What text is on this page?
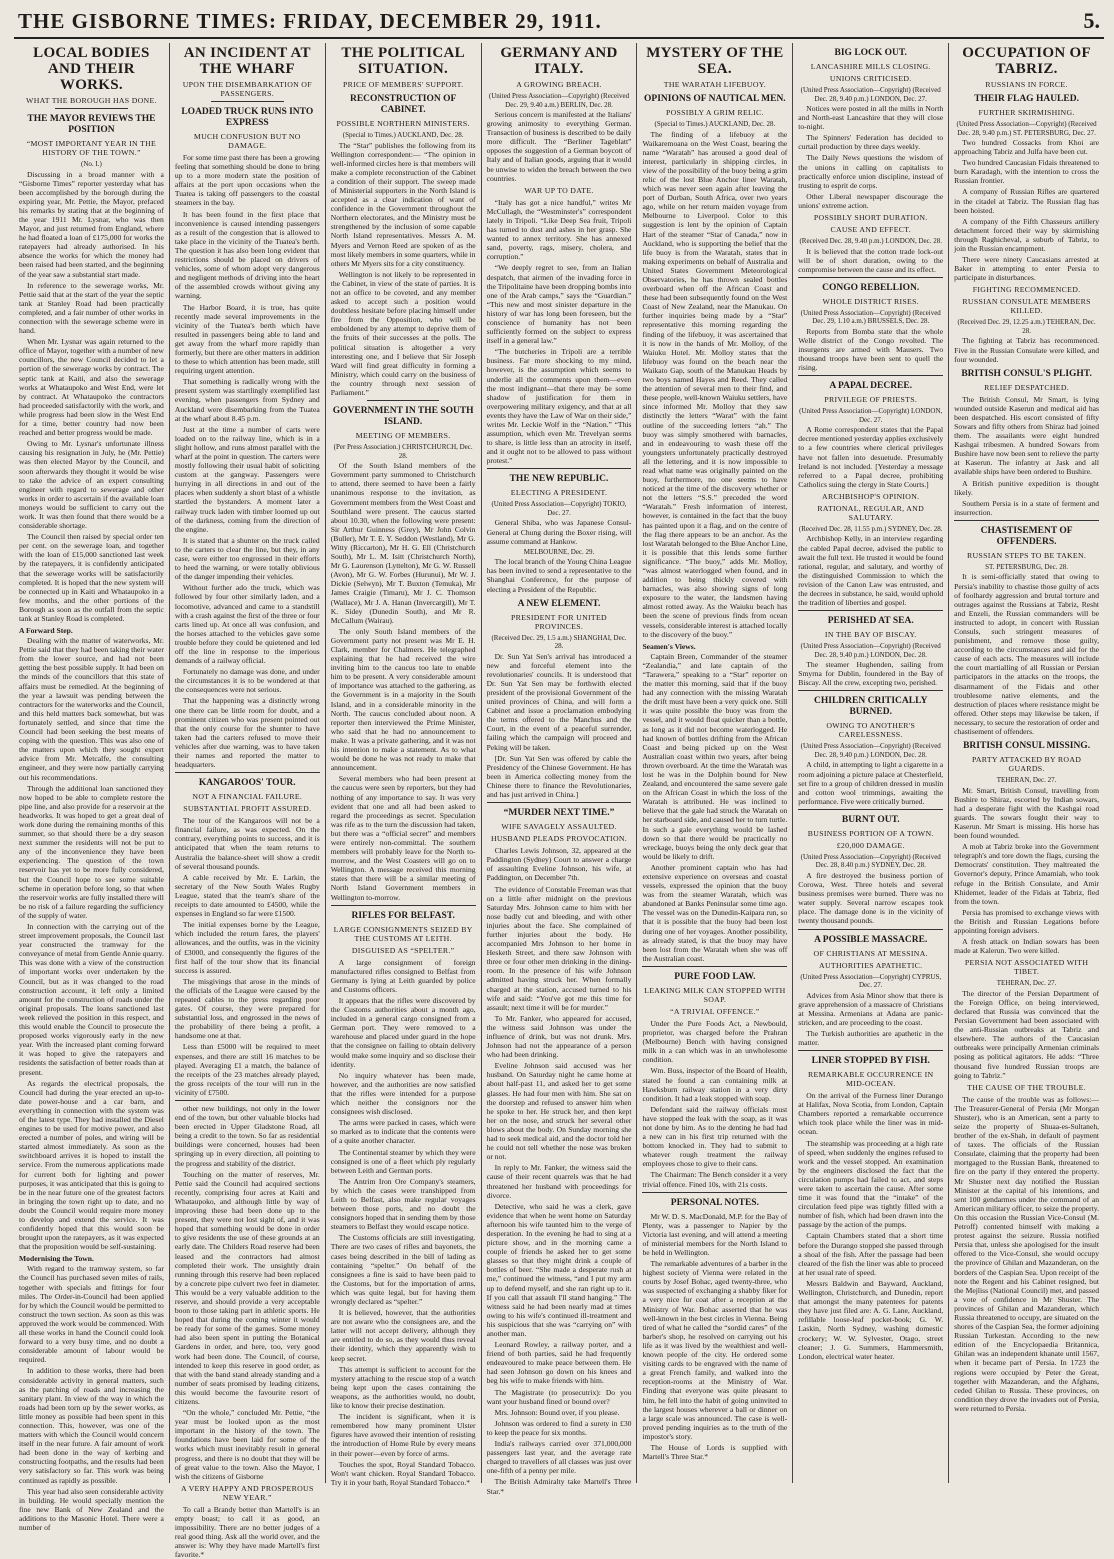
THE GISBORNE TIMES: FRIDAY, DECEMBER 29, 1911.	5.
LOCAL BODIES AND THEIR WORKS.
WHAT THE BOROUGH HAS DONE.
THE MAYOR REVIEWS THE POSITION
“MOST IMPORTANT YEAR IN THE HISTORY OF THE TOWN.”
(No. I.)

Discussing in a broad manner with a “Gisborne Times” reporter yesterday what has been accomplished by the borough during the expiring year, Mr. Pettie, the Mayor, prefaced his remarks by stating that at the beginning of the year 1911 Mr. Lysnar, who was then Mayor, and just returned from England, where he had floated a loan of £175,000 for works the ratepayers had already authorised. In his absence the works for which the money had been raised had been started, and the beginning of the year saw a substantial start made.

In reference to the sewerage works, Mr. Pettie said that at the start of the year the septic tank at Stanley Road had been practically completed, and a fair number of other works in connection with the sewerage scheme were in hand.

When Mr. Lysnar was again returned to the office of Mayor, together with a number of new councillors, the new Council decided to let a portion of the sewerage works by contract. The septic tank at Kaiti, and also the sewerage works at Whataupoko and West End, were let by contract. At Whataupoko the contractors had proceeded satisfactorily with the work, and while progress had been slow in the West End for a time, better country had now been reached and better progress would be made.

Owing to Mr. Lysnar's unfortunate illness causing his resignation in July, he (Mr. Pettie) was then elected Mayor by the Council, and soon afterwards they thought it would be wise to take the advice of an expert consulting engineer with regard to sewerage and other works in order to ascertain if the available loan moneys would be sufficient to carry out the work. It was then found that there would be a considerable shortage.

The Council then raised by special order ten per cent. on the sewerage loan, and together with the loan of £15,000 sanctioned last week by the ratepayers, it is confidently anticipated that the sewerage works will be satisfactorily completed. It is hoped that the new system will be connected up in Kaiti and Whataupoko in a few months, and the other portions of the Borough as soon as the outfall from the septic tank at Stanley Road is completed.

A Forward Step.

Dealing with the matter of waterworks, Mr. Pettie said that they had been taking their water from the lower source, and had not been getting the best possible supply. It had been on the minds of the councillors that this state of affairs must be remedied. At the beginning of the year a lawsuit was pending between the contractors for the waterworks and the Council, and this held matters back somewhat, but was fortunately settled, and since that time the Council had been seeking the best means of coping with the question. This was also one of the matters upon which they sought expert advice from Mr. Metcalfe, the consulting engineer, and they were now partially carrying out his recommendations.

Through the additional loan sanctioned they now hoped to be able to complete restore the pipe line, and also provide for a reservoir at the headworks. It was hoped to get a great deal of work done during the remaining months of this summer, so that should there be a dry season next summer the residents will not be put to any of the inconvenience they have been experiencing. The question of the town reservoir has yet to be more fully considered, but the Council hope to see some suitable scheme in operation before long, so that when the reservoir works are fully installed there will be no risk of a failure regarding the sufficiency of the supply of water.

In connection with the carrying out of the street improvement proposals, the Council last year constructed the tramway for the conveyance of metal from Gentle Annie quarry. This was done with a view of the construction of important works over undertaken by the Council, but as it was changed to the road construction account, it left only a limited amount for the construction of roads under the original proposals. The loans sanctioned last week relieved the position in this respect, and this would enable the Council to prosecute the proposed works vigorously early in the new year. With the increased plant coming forward it was hoped to give the ratepayers and residents the satisfaction of better roads than at present.

As regards the electrical proposals, the Council had during the year erected an up-to-date power-house and a car barn, and everything in connection with the system was of the latest type. They had installed the Diesel engines to be used for motive power, and also erected a number of poles, and wiring will be started almost immediately. As soon as the switchboard arrives it is hoped to install the service. From the numerous applications made for current both for lighting and power purposes, it was anticipated that this is going to be in the near future one of the greatest factors in bringing the town right up to date, and no doubt the Council would require more money to develop and extend the service. It was confidently hoped that this would soon be brought upon the ratepayers, as it was expected that the proposition would be self-sustaining.

Modernising the Town.

With regard to the tramway system, so far the Council has purchased seven miles of rails, together with specials and fittings for four miles. The Order-in-Council had been applied for by which the Council would be permitted to construct the town section. As soon as this was approved the work would be commenced. With all these works in hand the Council could look forward to a very busy time, and no doubt a considerable amount of labour would be required.

In addition to these works, there had been considerable activity in general matters, such as the patching of roads and increasing the sanitary plant. In view of the way in which the roads had been torn up by the sewer works, as little money as possible had been spent in this connection. This, however, was one of the matters with which the Council would concern itself in the near future. A fair amount of work had been done in the way of kerbing and constructing footpaths, and the results had been very satisfactory so far. This work was being continued as rapidly as possible.

This year had also seen considerable activity in building. He would specially mention the fine new Bank of New Zealand and the additions to the Masonic Hotel. There were a number of

AN INCIDENT AT THE WHARF
UPON THE DISEMBARKATION OF PASSENGERS.
LOADED TRUCK RUNS INTO EXPRESS
MUCH CONFUSION BUT NO DAMAGE.

For some time past there has been a growing feeling that something should be done to bring up to a more modern state the position of affairs at the port upon occasions when the Tuatea is taking off passengers to the coastal steamers in the bay.

It has been found in the first place that inconvenience is caused intending passengers as a result of the congestion that is allowed to take place in the vicinity of the Tuatea's berth. The question it has also been long evident that restrictions should be placed on drivers of vehicles, some of whom adopt very dangerous and negligent methods of driving into the heart of the assembled crowds without giving any warning.

The Harbor Board, it is true, has quite recently made several improvements in the vicinity of the Tuatea's berth which have resulted in passengers being able to land and get away from the wharf more rapidly than formerly, but there are other matters in addition to these to which attention has been made, still requiring urgent attention.

That something is radically wrong with the present system was startlingly exemplified last evening, when passengers from Sydney and Auckland were disembarking from the Tuatea at the wharf about 8.45 p.m.

Just at the time a number of carts were loaded on to the railway line, which is in a slight hollow, and runs almost parallel with the wharf at the point in question. The carters were mostly following their usual habit of soliciting custom at the gangway. Passengers were hurrying in all directions in and out of the places when suddenly a short blast of a whistle startled the bystanders. A moment later a railway truck laden with timber loomed up out of the darkness, coming from the direction of the engine.

It is stated that a shunter on the truck called to the carters to clear the line, but they, in any case, were either too engrossed in their efforts to heed the warning, or were totally oblivious of the danger impending their vehicles.

Without further ado the truck, which was followed by four other similarly laden, and a locomotive, advanced and came to a standstill with a crash against the first of the three or four carts lined up. At once all was confusion, and the horses attached to the vehicles gave some trouble before they could be quietened and led off the line in response to the imperious demands of a railway official.

Fortunately no damage was done, and under the circumstances it is to be wondered at that the consequences were not serious.

That the happening was a distinctly wrong one there can be little room for doubt, and a prominent citizen who was present pointed out that the only course for the shunter to have taken had the carters refused to move their vehicles after due warning, was to have taken their names and reported the matter to headquarters.

KANGAROOS' TOUR.
NOT A FINANCIAL FAILURE.
SUBSTANTIAL PROFIT ASSURED.

The tour of the Kangaroos will not be a financial failure, as was expected. On the contrary, everything points to success, and it is anticipated that when the team returns to Australia the balance-sheet will show a credit of several thousand pounds.

A cable received by Mr. E. Larkin, the secretary of the New South Wales Rugby League, stated that the team's share of the receipts to date amounted to £4500, while the expenses in England so far were £1500.

The initial expenses borne by the League, which included the return fares, the players' allowances, and the outfits, was in the vicinity of £3000, and consequently the figures of the first half of the tour show that its financial success is assured.

The misgivings that arose in the minds of the officials of the League were caused by the repeated cables to the press regarding poor gates. Of course, they were prepared for substantial loss, and engrossed in the news of the probability of there being a profit, a handsome one at that.

Less than £5000 will be required to meet expenses, and there are still 16 matches to be played. Averaging £1 a match, the balance of the receipts of the 23 matches already played, the gross receipts of the tour will run in the vicinity of £7500.

other new buildings, not only in the lower end of the town, but other valuable blocks had been erected in Upper Gladstone Road, all being a credit to the town. So far as residential buildings were concerned, houses had been springing up in every direction, all pointing to the progress and stability of the district.

Touching on the matter of reserves, Mr. Pettie said the Council had acquired sections recently, comprising four acres at Kaiti and Whataupoko, and although little by way of improving these had been done up to the present, they were not lost sight of, and it was hoped that something would be done in order to give residents the use of these grounds at an early date. The Childers Road reserve had been leased and the contractors had almost completed their work. The unsightly drain running through this reserve had been replaced by a concrete pipe culvert two feet in diameter. This would be a very valuable addition to the reserve, and should provide a very acceptable boon to those taking part in athletic sports. He hoped that during the coming winter it would be ready for some of the games. Some money had also been spent in putting the Botanical Gardens in order, and here, too, very good work had been done. The Council, of course, intended to keep this reserve in good order, as that with the band stand already standing and a number of seats promised by leading citizens, this would become the favourite resort of citizens.

“On the whole,” concluded Mr. Pettie, “the year must be looked upon as the most important in the history of the town. The foundations have been laid for some of the works which must inevitably result in general progress, and there is no doubt that they will be of great value to the town. Also the Mayor, I wish the citizens of Gisborne

A VERY HAPPY AND PROSPEROUS NEW YEAR.”

To call a Brandy better than Martell's is an empty boast; to call it as good, an impossibility. There are no better judges of a real good thing. Ask all the world over, and the answer is: Why they have made Martell's first favorite.*

THE POLITICAL SITUATION.
PRICE OF MEMBERS' SUPPORT.
RECONSTRUCTION OF CABINET.
POSSIBLE NORTHERN MINISTERS.
(Special to Times.) AUCKLAND, Dec. 28.

The “Star” publishes the following from its Wellington correspondent:— “The opinion in well-informed circles here is that members will make a complete reconstruction of the Cabinet a condition of their support. The sweep made of Ministerial supporters in the North Island is accepted as a clear indication of want of confidence in the Government throughout the Northern electorates, and the Ministry must be strengthened by the inclusion of some capable North Island representatives. Messrs A. M. Myers and Vernon Reed are spoken of as the most likely members in some quarters, while in others Mr Myers sits for a city constituency.

Wellington is not likely to be represented in the Cabinet, in view of the state of parties. It is not an office to be coveted, and any member asked to accept such a position would doubtless hesitate before placing himself under fire from the Opposition, who will be emboldened by any attempt to deprive them of the fruits of their successes at the polls. The political situation is altogether a very interesting one, and I believe that Sir Joseph Ward will find great difficulty in forming a Ministry, which could carry on the business of the country through next session of Parliament.”

GOVERNMENT IN THE SOUTH ISLAND.
MEETING OF MEMBERS.
(Per Press Association.) CHRISTCHURCH, Dec. 28.

Of the South Island members of the Government party summoned to Christchurch to attend, there seemed to have been a fairly unanimous response to the invitation, as Government members from the West Coast and Southland were present. The caucus started about 10.30, when the following were present: Sir Arthur Guinness (Grey), Mr John Colvin (Buller), Mr T. E. Y. Seddon (Westland), Mr G. Witty (Riccarton), Mr H. G. Ell (Christchurch South), Mr L. M. Isitt (Christchurch North), Mr G. Laurenson (Lyttelton), Mr G. W. Russell (Avon), Mr G. W. Forbes (Hurunui), Mr W. J. Dickie (Selwyn), Mr T. Buxton (Temuka), Mr James Craigie (Timaru), Mr J. C. Thomson (Wallace), Mr J. A. Hanan (Invercargill), Mr T. K. Sidey (Dunedin South), and Mr R. McCallum (Wairau).

The only South Island members of the Government party not present was Mr E. H. Clark, member for Chalmers. He telegraphed explaining that he had received the wire inviting him to the caucus too late to enable him to be present. A very considerable amount of importance was attached to the gathering, as the Government is in a majority in the South Island, and in a considerable minority in the North. The caucus concluded about noon. A reporter then interviewed the Prime Minister, who said that he had no announcement to make. It was a private gathering, and it was not his intention to make a statement. As to what would be done he was not ready to make that announcement.

Several members who had been present at the caucus were seen by reporters, but they had nothing of any importance to say. It was very evident that one and all had been asked to regard the proceedings as secret. Speculation was rife as to the turn the discussion had taken, but there was a “official secret” and members were entirely non-committal. The southern members will probably leave for the North to-morrow, and the West Coasters will go on to Wellington. A message received this morning states that there will be a similar meeting of North Island Government members in Wellington to-morrow.

RIFLES FOR BELFAST.
LARGE CONSIGNMENTS SEIZED BY THE CUSTOMS AT LEITH.
DISGUISED AS “SPELTER.”

A large consignment of foreign manufactured rifles consigned to Belfast from Germany is lying at Leith guarded by police and Customs officers.

It appears that the rifles were discovered by the Customs authorities about a month ago, included in a general cargo consigned from a German port. They were removed to a warehouse and placed under guard in the hope that the consignee on failing to obtain delivery would make some inquiry and so disclose their identity.

No inquiry whatever has been made, however, and the authorities are now satisfied that the rifles were intended for a purpose which neither the consignors nor the consignees wish disclosed.

The arms were packed in cases, which were so marked as to indicate that the contents were of a quite another character.

The Continental steamer by which they were consigned is one of a fleet which ply regularly between Leith and German ports.

The Antrim Iron Ore Company's steamers, by which the cases were transhipped from Leith to Belfast, also make regular voyages between those ports, and no doubt the consignors hoped that in sending them by those steamers to Belfast they would escape notice.

The Customs officials are still investigating. There are two cases of rifles and bayonets, the cases being described in the bill of lading as containing “spelter.” On behalf of the consignees a fine is said to have been paid to the Customs, but for the importation of arms, which was quite legal, but for having them wrongly declared as “spelter.”

It is believed, however, that the authorities are not aware who the consignees are, and the latter will not accept delivery, although they are entitled to do so, as they would thus reveal their identity, which they apparently wish to keep secret.

This attempt is sufficient to account for the mystery attaching to the rescue stop of a watch being kept upon the cases containing the weapons, as the authorities would, no doubt, like to know their precise destination.

The incident is significant, when it is remembered how many prominent Ulster figures have avowed their intention of resisting the introduction of Home Rule by every means in their power—even by force of arms.

Touches the spot, Royal Standard Tobacco. Won't want chicken. Royal Standard Tobacco. Try it in your bath, Royal Standard Tobacco.*

GERMANY AND ITALY.
A GROWING BREACH.
(United Press Association—Copyright) (Received Dec. 29, 9.40 a.m.) BERLIN, Dec. 28.

Serious concern is manifested at the Italians' growing animosity to everything German. Transaction of business is described to be daily more difficult. The “Berliner Tageblatt” opposes the suggestion of a German boycott of Italy and of Italian goods, arguing that it would be unwise to widen the breach between the two countries.

WAR UP TO DATE.

“Italy has got a nice handful,” writes Mr McCullagh, the “Westminster's” correspondent lately in Tripoli. “Like Deep Sea fruit, Tripoli has turned to dust and ashes in her grasp. She wanted to annex territory. She has annexed sand, poverty, rags, misery, cholera, and corruption.”

“We deeply regret to see, from an Italian despatch, that airmen of the invading force in the Tripolitaine have been dropping bombs into one of the Arab camps,” says the “Guardian.” “This new and most sinister departure in the history of war has long been foreseen, but the conscience of humanity has not been sufficiently formed on the subject to express itself in a general law.”

“The butcheries in Tripoli are a terrible business. Far more shocking to my mind, however, is the assumption which seems to underlie all the comments upon them—even the most indignant—that there may be some shadow of justification for them in overpowering military exigency, and that at all events they have the Law of War on their side,” writes Mr. Leckie Wolf in the “Nation.” “This assumption, which even Mr. Trevelyan seems to share, is little less than an atrocity in itself, and it ought not to be allowed to pass without protest.”

THE NEW REPUBLIC.
ELECTING A PRESIDENT.
(United Press Association—Copyright) TOKIO, Dec. 27.

General Shiba, who was Japanese Consul-General at Chung during the Boxer rising, will assume command at Hankow.

MELBOURNE, Dec. 29.

The local branch of the Young China League has been invited to send a representative to the Shanghai Conference, for the purpose of electing a President of the Republic.

A NEW ELEMENT.
PRESIDENT FOR UNITED PROVINCES.
(Received Dec. 29, 1.5 a.m.) SHANGHAI, Dec. 28.

Dr. Sun Yat Sen's arrival has introduced a new and forceful element into the revolutionaries' councils. It is understood that Dr. Sun Yat Sen may be forthwith elected president of the provisional Government of the united provinces of China, and will form a Cabinet and issue a proclamation embodying the terms offered to the Manchus and the Court, in the event of a peaceful surrender, failing which the campaign will proceed and Peking will be taken.

[Dr. Sun Yat Sen was offered by cable the Presidency of the Chinese Government. He has been in America collecting money from the Chinese there to finance the Revolutionaries, and has just arrived in China.]

“MURDER NEXT TIME.”
WIFE SAVAGELY ASSAULTED.
HUSBAND PLEADS PROVOCATION.

Charles Lewis Johnson, 32, appeared at the Paddington (Sydney) Court to answer a charge of assaulting Eveline Johnson, his wife, at Paddington, on December 7th.

The evidence of Constable Freeman was that on a little after midnight on the previous Saturday Mrs. Johnson came to him with her nose badly cut and bleeding, and with other injuries about the face. She complained of further injuries about the body. He accompanied Mrs Johnson to her home in Hesketh Street, and there saw Johnson with three or four other men drinking in the dining-room. In the presence of his wife Johnson admitted having struck her. When formally charged at the station, accused turned to his wife and said: “You've got me this time for assault; next time it will be for murder.”

To Mr. Fanker, who appeared for accused, the witness said Johnson was under the influence of drink, but was not drunk. Mrs. Johnson had not the appearance of a person who had been drinking.

Eveline Johnson said accused was her husband. On Saturday night he came home at about half-past 11, and asked her to get some glasses. He had four men with him. She sat on the doorstep and refused to answer him when he spoke to her. He struck her, and then kept her on the nose, and struck her several other blows about the body. On Sunday morning she had to seek medical aid, and the doctor told her he could not tell whether the nose was broken or not.

In reply to Mr. Fanker, the witness said the cause of their recent quarrels was that he had threatened her husband with proceedings for divorce.

Detective, who said he was a clerk, gave evidence that when he went home on Saturday afternoon his wife taunted him to the verge of desperation. In the evening he had to sing at a picture show, and in the morning came a couple of friends he asked her to get some glasses so that they might drink a couple of bottles of beer. “She made a desperate rush at me,” continued the witness, “and I put my arm up to defend myself, and she ran right up to it. If you call that assault I'll stand hanging.” The witness said he had been nearly mad at times owing to his wife's continued ill-treatment and his suspicious that she was “carrying on” with another man.

Leonard Rowley, a railway porter, and a friend of both parties, said he had frequently endeavoured to make peace between them. He had seen Johnson go down on his knees and beg his wife to make friends with him.

The Magistrate (to prosecutrix): Do you want your husband fined or bound over?

Mrs. Johnson: Bound over, if you please.

Johnson was ordered to find a surety in £30 to keep the peace for six months.

India's railways carried over 371,000,000 passengers last year, and the average rate charged to travellers of all classes was just over one-fifth of a penny per mile.

The British Admiralty take Martell's Three Star.*

MYSTERY OF THE SEA.
THE WARATAH LIFEBUOY.
OPINIONS OF NAUTICAL MEN.
POSSIBLY A GRIM RELIC.
(Special to Times.) AUCKLAND, Dec. 28.

The finding of a lifebuoy at the Waikaremoana on the West Coast, bearing the name “Waratah” has aroused a good deal of interest, particularly in shipping circles, in view of the possibility of the buoy being a grim relic of the lost Blue Anchor liner Waratah, which was never seen again after leaving the port of Durban, South Africa, over two years ago, while on her return maiden voyage from Melbourne to Liverpool. Color to this suggestion is lent by the opinion of Captain Hart of the steamer “Star of Canada,” now in Auckland, who is supporting the belief that the life buoy is from the Waratah, states that in making experiments on behalf of Australia and United States Government Meteorological Observatories, he has thrown sealed bottles overboard when off the African Coast and these had been subsequently found on the West Coast of New Zealand, near the Manukau. On further inquiries being made by a “Star” representative this morning regarding the finding of the lifebuoy, it was ascertained that it is now in the hands of Mr. Molloy, of the Waiuku Hotel. Mr. Molloy states that the lifebuoy was found on the beach near the Waikato Gap, south of the Manukau Heads by two boys named Hayes and Reed. They called the attention of several men to their find, and these people, well-known Waiuku settlers, have since informed Mr. Molloy that they saw distinctly the letters “Warat” with the faint outline of the succeeding letters “ah.” The buoy was simply smothered with barnacles, and in endeavouring to wash these off the youngsters unfortunately practically destroyed all the lettering, and it is now impossible to read what name was originally painted on the buoy, furthermore, no one seems to have noticed at the time of the discovery whether or not the letters “S.S.” preceded the word “Waratah.” Fresh information of interest, however, is contained in the fact that the buoy has painted upon it a flag, and on the centre of the flag there appears to be an anchor. As the lost Waratah belonged to the Blue Anchor Line, it is possible that this lends some further significance. “The buoy,” adds Mr. Molloy, “was almost waterlogged when found, and in addition to being thickly covered with barnacles, was also showing signs of long exposure to the water, the landsmen having almost rotted away. As the Waiuku beach has been the scene of previous finds from ocean vessels, considerable interest is attached locally to the discovery of the buoy.”

Seamen's Views.

Captain Breen, Commander of the steamer “Zealandia,” and late captain of the “Tarawera,” speaking to a “Star” reporter on the matter this morning, said that if the buoy had any connection with the missing Waratah the drift must have been a very quick one. Still it was quite possible the buoy was from the vessel, and it would float quicker than a bottle, as long as it did not become waterlogged. He had known of bottles drifting from the African Coast and being picked up on the West Australian coast within two years, after being thrown overboard. At the time the Waratah was lost he was in the Dolphin bound for New Zealand, and encountered the same severe gale on the African Coast in which the loss of the Waratah is attributed. He was inclined to believe that the gale had struck the Waratah on her starboard side, and caused her to turn turtle. In such a gale everything would be lashed down so that there would be practically no wreckage, buoys being the only deck gear that would be likely to drift.

Another prominent captain who has had extensive experience on overseas and coastal vessels, expressed the opinion that the buoy was from the steamer Waratah, which was abandoned at Banks Peninsular some time ago. The vessel was on the Dunedin-Kaipara run, so that it is possible that the buoy had been lost during one of her voyages. Another possibility, as already stated, is that the buoy may have been lost from the Waratah when she was off the Australian coast.

PURE FOOD LAW.
LEAKING MILK CAN STOPPED WITH SOAP.
“A TRIVIAL OFFENCE.”

Under the Pure Foods Act, a Newbould, proprietor, was charged before the Prahran (Melbourne) Bench with having consigned milk in a can which was in an unwholesome condition.

Wm. Buss, inspector of the Board of Health, stated he found a can containing milk at Hawksburn railway station in a very dirty condition. It had a leak stopped with soap.

Defendant said the railway officials must have stopped the leak with the soap, as it was not done by him. As to the denting he had had a new can in his first trip returned with the bottom knocked in. They had to submit to whatever rough treatment the railway employees chose to give to their cans.

The Chairman: The Bench consider it a very trivial offence. Fined 10s, with 21s costs.

PERSONAL NOTES.

Mr W. D. S. MacDonald, M.P. for the Bay of Plenty, was a passenger to Napier by the Victoria last evening, and will attend a meeting of ministerial members for the North Island to be held in Wellington.

The remarkable adventures of a barber in the highest society of Vienna were related in the courts by Josef Bohac, aged twenty-three, who was suspected of exchanging a shabby fiker for a very nice fur coat after a reception at the Ministry of War. Bohac asserted that he was well-known in the best circles in Vienna. Being tired of what he called the “sordid cares” of the barber's shop, he resolved on carrying out his life as it was lived by the wealthiest and well-known people of the city. He ordered some visiting cards to be engraved with the name of a great French family, and walked into the reception-rooms at the Ministry of War. Finding that everyone was quite pleasant to him, he fell into the habit of going uninvited to the largest houses wherever a ball or dinner on a large scale was announced. The case is well-proved pending inquiries as to the truth of the impostor's story.

The House of Lords is supplied with Martell's Three Star.*

BIG LOCK OUT.
LANCASHIRE MILLS CLOSING.
UNIONS CRITICISED.
(United Press Association—Copyright) (Received Dec. 28, 9.40 p.m.) LONDON, Dec. 27.

Notices were posted in all the mills in North and North-east Lancashire that they will close to-night.

The Spinners' Federation has decided to curtail production by three days weekly.

The Daily News questions the wisdom of the unions in calling on capitalists to practically enforce union discipline, instead of trusting to esprit de corps.

Other Liberal newspaper discourage the unions' extreme action.

POSSIBLY SHORT DURATION.
CAUSE AND EFFECT.
(Received Dec. 28, 9.40 p.m.) LONDON, Dec. 28.

It is believed that the cotton trade lock-out will be of short duration, owing to the compromise between the cause and its effect.

CONGO REBELLION.
WHOLE DISTRICT RISES.
(United Press Association—Copyright) (Received Dec. 29, 1.10 a.m.) BRUSSELS, Dec. 28.

Reports from Bomba state that the whole Welle district of the Congo revolted. The insurgents are armed with Mausers. Two thousand troops have been sent to quell the rising.

A PAPAL DECREE.
PRIVILEGE OF PRIESTS.
(United Press Association—Copyright) LONDON, Dec. 27.

A Rome correspondent states that the Papal decree mentioned yesterday applies exclusively to a few countries where clerical privileges have not fallen into desuetude. Presumably Ireland is not included. [Yesterday a message referred to a Papal decree, prohibiting Catholics suing the clergy in State Courts.]

ARCHBISHOP'S OPINION.
RATIONAL, REGULAR, AND SALUTARY.
(Received Dec. 28, 11.55 p.m.) SYDNEY, Dec. 28.

Archbishop Kelly, in an interview regarding the cabled Papal decree, advised the public to await the full text. He trusted it would be found rational, regular, and salutary, and worthy of the distinguished Commission to which the revision of the Canon Law was entrusted, and the decrees in substance, he said, would uphold the tradition of liberties and gospel.

PERISHED AT SEA.
IN THE BAY OF BISCAY.
(United Press Association—Copyright) (Received Dec. 28, 9.40 p.m.) LONDON, Dec. 28.

The steamer Hughenden, sailing from Smyrna for Dublin, foundered in the Bay of Biscay. All the crew, excepting two, perished.

CHILDREN CRITICALLY BURNED.
OWING TO ANOTHER'S CARELESSNESS.
(United Press Association—Copyright) (Received Dec. 28, 9.40 p.m.) LONDON, Dec. 28.

A child, in attempting to light a cigarette in a room adjoining a picture palace at Chesterfield, set fire to a group of children dressed in muslin and cotton wool trimmings, awaiting the performance. Five were critically burned.

BURNT OUT.
BUSINESS PORTION OF A TOWN.
£20,000 DAMAGE.
(United Press Association—Copyright) (Received Dec. 28, 8.40 p.m.) SYDNEY, Dec. 28.

A fire destroyed the business portion of Corowa, West. Three hotels and several business premises were burned. There was no water supply. Several narrow escapes took place. The damage done is in the vicinity of twenty thousand pounds.

A POSSIBLE MASSACRE.
OF CHRISTIANS AT MESSINA.
AUTHORITIES APATHETIC.
(United Press Association—Copyright) CYPRUS, Dec. 27.

Advices from Asia Minor show that there is grave apprehension of a massacre of Christians at Messina. Armenians at Adana are panic-stricken, and are proceeding to the coast.

The Turkish authorities are apathetic in the matter.

LINER STOPPED BY FISH.
REMARKABLE OCCURRENCE IN MID-OCEAN.

On the arrival of the Furness liner Durango at Halifax, Nova Scotia, from London, Captain Chambers reported a remarkable occurrence which took place while the liner was in mid-ocean.

The steamship was proceeding at a high rate of speed, when suddenly the engines refused to work and the vessel stopped. An examination by the engineers disclosed the fact that the circulation pumps had failed to act, and steps were taken to ascertain the cause. After some time it was found that the “intake” of the circulation feed pipe was tightly filled with a number of fish, which had been drawn into the passage by the action of the pumps.

Captain Chambers stated that a short time before the Durango stopped she passed through a shoal of the fish. After the passage had been cleared of the fish the liner was able to proceed at her usual rate of speed.

Messrs Baldwin and Bayward, Auckland, Wellington, Christchurch, and Dunedin, report that amongst the many patentees for patents they have just filed are: A. G. Lane, Auckland, refillable loose-leaf pocket-book; G. W. Laskin, North Sydney, washing domestic crockery; W. W. Sylvester, Otago, street cleaner; J. G. Summers, Hammersmith, London, electrical water heater.

OCCUPATION OF TABRIZ.
RUSSIANS IN FORCE.
THEIR FLAG HAULED.
FURTHER SKIRMISHING.
(United Press Association—Copyright) (Received Dec. 28, 9.40 p.m.) ST. PETERSBURG, Dec. 27.

Two hundred Cossacks from Khoi are approaching Tabriz and Julfa have been cut.

Two hundred Caucasian Fidais threatened to burn Karadagh, with the intention to cross the Russian frontier.

A company of Russian Rifles are quartered in the citadel at Tabriz. The Russian flag has been hoisted.

A company of the Fifth Chasseurs artillery detachment forced their way by skirmishing through Raghicheval, a suburb of Tabriz, to join the Russian encampment.

There were ninety Caucasians arrested at Baker in attempting to enter Persia to participate in disturbances.

FIGHTING RECOMMENCED.
RUSSIAN CONSULATE MEMBERS KILLED.
(Received Dec. 29, 12.25 a.m.) TEHERAN, Dec. 28.

The fighting at Tabriz has recommenced. Five in the Russian Consulate were killed, and four wounded.

BRITISH CONSUL'S PLIGHT.
RELIEF DESPATCHED.

The British Consul, Mr Smart, is lying wounded outside Kaserun and medical aid has been despatched. His escort consisted of fifty Sowars and fifty others from Shiraz had joined them. The assailants were eight hundred Kashgai tribesmen. A hundred Sowars from Bushire have now been sent to relieve the party at Kaserun. The infantry at Jask and all available ships have been ordered to Bushire.

A British punitive expedition is thought likely.

Southern Persia is in a state of ferment and insurrection.

CHASTISEMENT OF OFFENDERS.
RUSSIAN STEPS TO BE TAKEN.
ST. PETERSBURG, Dec. 28.

It is semi-officially stated that owing to Persia's inability to chastise those guilty of acts of foolhardy aggression and brutal torture and outrages against the Russians at Tabriz, Resht and Enzeli, the Russian commanders will be instructed to adopt, in concert with Russian Consuls, such stringent measures of punishment, and remove those guilty, according to the circumstances and aid for the cause of each acts. The measures will include the court martialling of all Russian or Persian participators in the attacks on the troops, the disarmament of the Fidais and other troublesome native elements, and the destruction of places where resistance might be offered. Other steps may likewise be taken, if necessary, to secure the restoration of order and chastisement of offenders.

BRITISH CONSUL MISSING.
PARTY ATTACKED BY ROAD GUARDS.
TEHERAN, Dec. 27.

Mr. Smart, British Consul, travelling from Bushire to Shiraz, escorted by Indian sowars, had a desperate fight with the Kashgai road guards. The sowars fought their way to Kaserun. Mr Smart is missing. His horse has been found wounded.

A mob at Tabriz broke into the Government telegraph's and tore down the flags, cursing the Democrats' constitution. They maltreated the Governor's deputy, Prince Amamiah, who took refuge in the British Consulate, and Amir Khidemet, leader of the Fidais at Tabriz, fled from the town.

Persia has promised to exchange views with the British and Russian Legations before appointing foreign advisers.

A fresh attack on Indian sowars has been made at Kalerun. Two were killed.

PERSIA NOT ASSOCIATED WITH TIBET.
TEHERAN, Dec. 27.

The director of the Persian Department of the Foreign Office, on being interviewed, declared that Russia was convinced that the Persian Government had been associated with the anti-Russian outbreaks at Tabriz and elsewhere. The authors of the Caucasian outbreaks were principally Armenian criminals posing as political agitators. He adds: “Three thousand five hundred Russian troops are going to Tabriz.”

THE CAUSE OF THE TROUBLE.

The cause of the trouble was as follows:—The Treasurer-General of Persia (Mr Morgan Shuster), who is an American, sent a party to seize the property of Shuaa-es-Sultaneh, brother of the ex-Shah, in default of payment of taxes. The officials of the Russian Consulate, claiming that the property had been mortgaged to the Russian Bank, threatened to fire on the party if they entered the property. Mr Shuster next day notified the Russian Minister at the capital of his intentions, and sent 100 gendarmes under the command of an American military officer, to seize the property. On this occasion the Russian Vice-Consul (M. Petroff) contented himself with making a protest against the seizure. Russia notified Persia that, unless she apologised for the insult offered to the Vice-Consul, she would occupy the province of Ghilan and Mazanderan, on the borders of the Caspian Sea. Upon receipt of the note the Regent and his Cabinet resigned, but the Mejliss (National Council) met, and passed a vote of confidence in Mr Shuster. The provinces of Ghilan and Mazanderan, which Russia threatened to occupy, are situated on the shores of the Caspian Sea, the former adjoining Russian Turkestan. According to the new edition of the Encyclopaedia Britannica, Ghilan was an independent khanate until 1567, when it became part of Persia. In 1723 the regions were occupied by Peter the Great, together with Mazanderan, and the Afghans, ceded Ghilan to Russia. These provinces, on condition they drove the invaders out of Persia, were returned to Persia.
